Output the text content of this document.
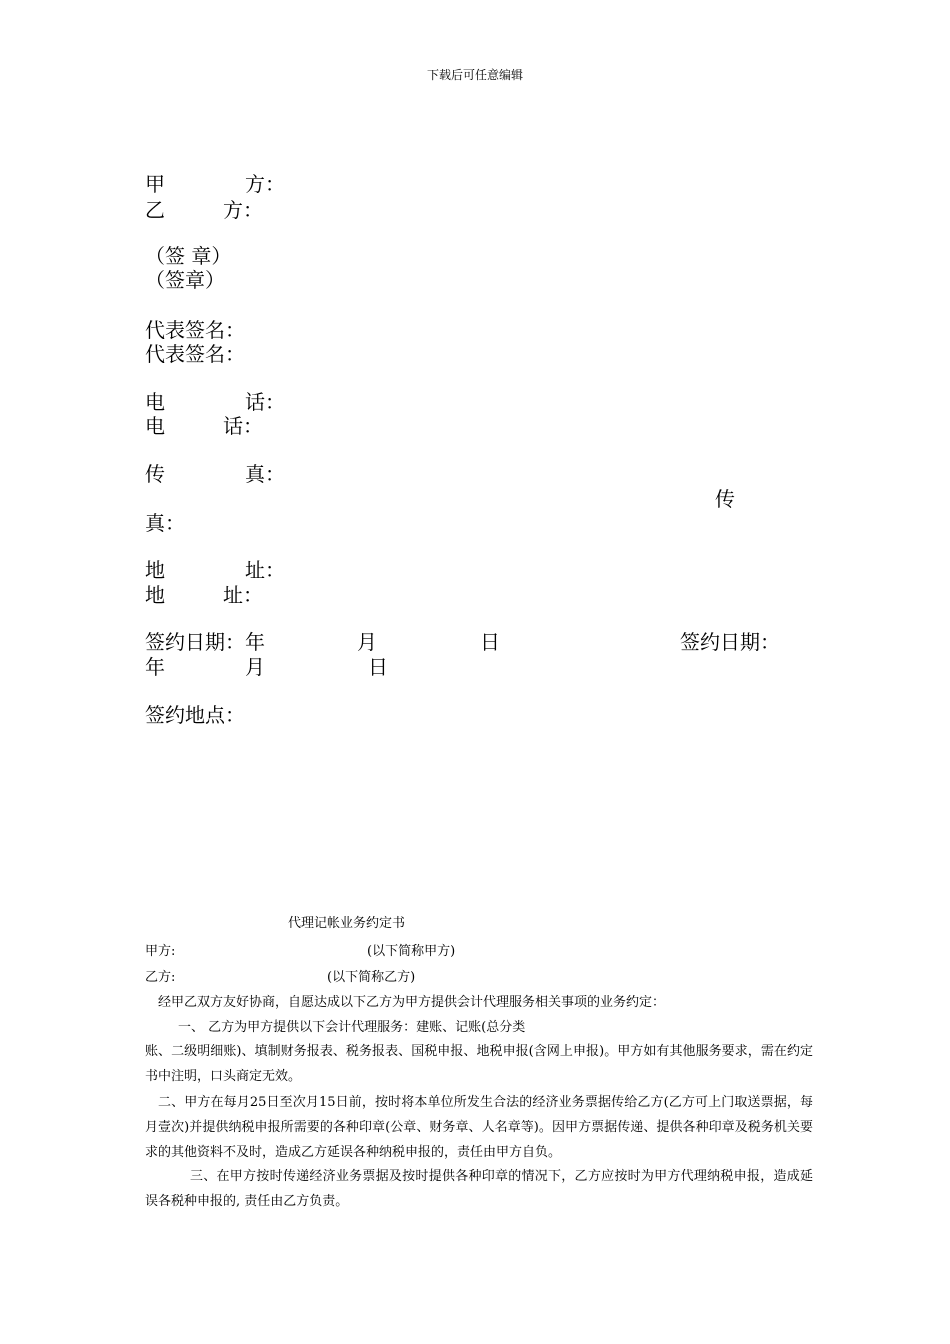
下载后可任意编辑
甲	方：
乙	方：
（签 章）
（签章）
代表签名：
代表签名：
电	话：
电	话：
传	真：
传
真：
地	址：
地	址：
签约日期：年	月	日	签约日期：
年	月	日
签约地点：
代理记帐业务约定书
甲方:	(以下简称甲方)
乙方:	(以下简称乙方)
经甲乙双方友好协商，自愿达成以下乙方为甲方提供会计代理服务相关事项的业务约定：
一、 乙方为甲方提供以下会计代理服务：建账、记账(总分类
账、二级明细账)、填制财务报表、税务报表、国税申报、地税申报(含网上申报)。甲方如有其他服务要求，需在约定书中注明，口头商定无效。
二、甲方在每月25日至次月15日前，按时将本单位所发生合法的经济业务票据传给乙方(乙方可上门取送票据，每月壹次)并提供纳税申报所需要的各种印章(公章、财务章、人名章等)。因甲方票据传递、提供各种印章及税务机关要求的其他资料不及时，造成乙方延误各种纳税申报的，责任由甲方自负。
三、在甲方按时传递经济业务票据及按时提供各种印章的情况下，乙方应按时为甲方代理纳税申报，造成延误各税种申报的, 责任由乙方负责。
